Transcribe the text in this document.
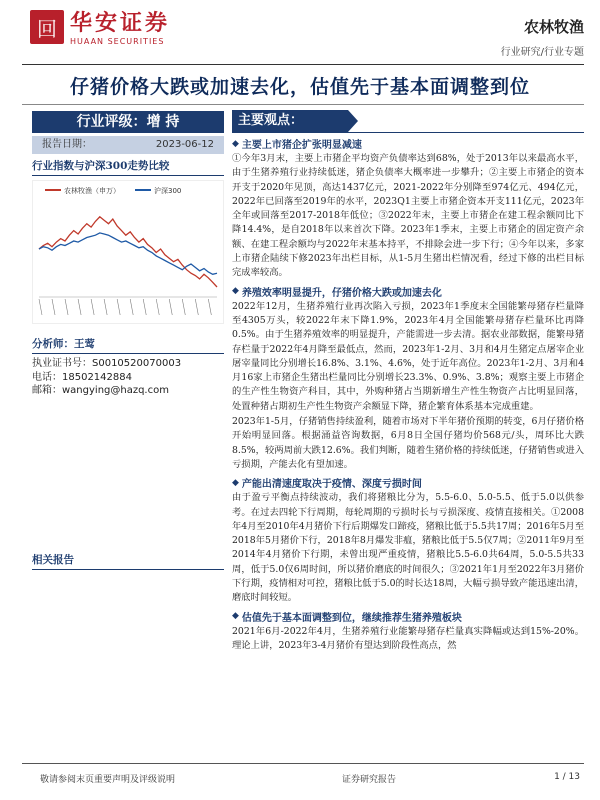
回 华安证券
HUAAN SECURITIES
农林牧渔
行业研究/行业专题
仔猪价格大跌或加速去化，估值先于基本面调整到位
行业评级：增 持
报告日期：	2023-06-12
行业指数与沪深300走势比较
农林牧渔（申万）	沪深300
分析师：王莺
执业证书号：S0010520070003
电话：18502142884
邮箱：wangying@hazq.com
相关报告
主要观点：
◆ 主要上市猪企扩张明显减速
①今年3月末，主要上市猪企平均资产负债率达到68%，处于2013年以来最高水平，由于生猪养殖行业持续低迷，猪企负债率大概率进一步攀升；②主要上市猪企的资本开支于2020年见顶，高达1437亿元，2021-2022年分别降至974亿元、494亿元，2022年已回落至2019年的水平，2023Q1主要上市猪企资本开支111亿元，2023年全年或回落至2017-2018年低位；③2022年末，主要上市猪企在建工程余额同比下降14.4%，是自2018年以来首次下降。2023年1季末，主要上市猪企的固定资产余额、在建工程余额均与2022年末基本持平，不排除会进一步下行；④今年以来，多家上市猪企陆续下修2023年出栏目标，从1-5月生猪出栏情况看，经过下修的出栏目标完成率较高。
◆ 养殖效率明显提升，仔猪价格大跌或加速去化
2022年12月，生猪养殖行业再次陷入亏损，2023年1季度末全国能繁母猪存栏量降至4305万头，较2022年末下降1.9%，2023年4月全国能繁母猪存栏量环比再降0.5%。由于生猪养殖效率的明显提升，产能需进一步去清。据农业部数据，能繁母猪存栏量于2022年4月降至最低点，然而，2023年1-2月、3月和4月生猪定点屠宰企业屠宰量同比分别增长16.8%、3.1%、4.6%，处于近年高位。2023年1-2月、3月和4月16家上市猪企生猪出栏量同比分别增长23.3%、0.9%、3.8%；观察主要上市猪企的生产性生物资产科目，其中，外购种猪占当期新增生产性生物资产占比明显回落，处置种猪占期初生产性生物资产余额显下降，猪企繁育体系基本完成重建。
2023年1-5月，仔猪销售持续盈利，随着市场对下半年猪价预期的转变，6月仔猪价格开始明显回落。根据涌益咨询数据，6月8日全国仔猪均价568元/头，周环比大跌8.5%，较两周前大跌12.6%。我们判断，随着生猪价格的持续低迷，仔猪销售或进入亏损期，产能去化有望加速。
◆ 产能出清速度取决于疫情、深度亏损时间
由于盈亏平衡点持续波动，我们将猪粮比分为，5.5-6.0、5.0-5.5、低于5.0以供参考。在过去四轮下行周期，每轮周期的亏损时长与亏损深度、疫情直接相关。①2008年4月至2010年4月猪价下行后期爆发口蹄疫，猪粮比低于5.5共17周；2016年5月至2018年5月猪价下行，2018年8月爆发非瘟，猪粮比低于5.5仅7周；②2011年9月至2014年4月猪价下行期，未曾出现严重疫情，猪粮比5.5-6.0共64周，5.0-5.5共33周，低于5.0仅6周时间，所以猪价磨底的时间很久；③2021年1月至2022年3月猪价下行期，疫情相对可控，猪粮比低于5.0的时长达18周，大幅亏损导致产能迅速出清，磨底时间较短。
◆ 估值先于基本面调整到位，继续推荐生猪养殖板块
2021年6月-2022年4月，生猪养殖行业能繁母猪存栏量真实降幅或达到15%-20%。理论上讲，2023年3-4月猪价有望达到阶段性高点，然
敬请参阅末页重要声明及评级说明	证券研究报告	1 / 13
